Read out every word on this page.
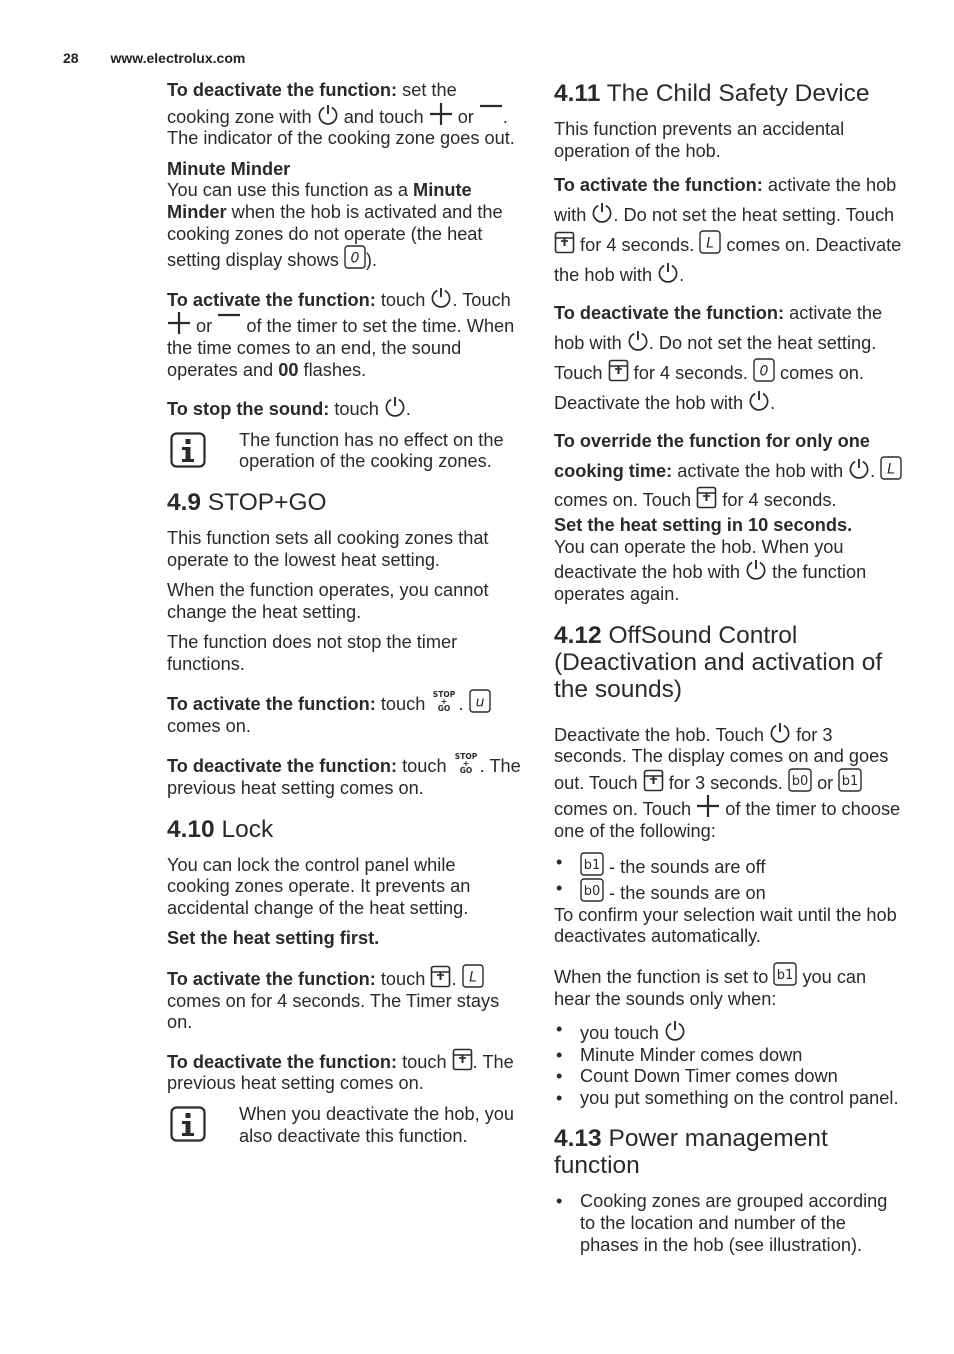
28 www.electrolux.com

To deactivate the function: set the cooking zone with  and touch  or . The indicator of the cooking zone goes out.

Minute Minder
You can use this function as a Minute Minder when the hob is activated and the cooking zones do not operate (the heat setting display shows 0 ).

To activate the function: touch . Touch  or  of the timer to set the time. When the time comes to an end, the sound operates and 00 flashes.

To stop the sound: touch .

The function has no effect on the operation of the cooking zones.

4.9 STOP+GO

This function sets all cooking zones that operate to the lowest heat setting.

When the function operates, you cannot change the heat setting.

The function does not stop the timer functions.

To activate the function: touch STOP
+
GO . u

comes on.

To deactivate the function: touch STOP
+
GO . The previous heat setting comes on.

4.10 Lock

You can lock the control panel while cooking zones operate. It prevents an accidental change of the heat setting.

Set the heat setting first.

To activate the function: touch . L
comes on for 4 seconds. The Timer stays on.

To deactivate the function: touch . The previous heat setting comes on.

When you deactivate the hob, you also deactivate this function.

4.11 The Child Safety Device

This function prevents an accidental operation of the hob.

To activate the function: activate the hob with . Do not set the heat setting. Touch  for 4 seconds. L comes on. Deactivate the hob with .

To deactivate the function: activate the hob with . Do not set the heat setting. Touch  for 4 seconds. 0 comes on. Deactivate the hob with .

To override the function for only one cooking time: activate the hob with . L
comes on. Touch  for 4 seconds.
Set the heat setting in 10 seconds.
You can operate the hob. When you deactivate the hob with  the function operates again.

4.12 OffSound Control (Deactivation and activation of the sounds)

Deactivate the hob. Touch  for 3 seconds. The display comes on and goes out. Touch  for 3 seconds. b0 or b1
comes on. Touch  of the timer to choose one of the following:

• b1 - the sounds are off
• b0 - the sounds are on

To confirm your selection wait until the hob deactivates automatically.

When the function is set to b1 you can hear the sounds only when:

• you touch
• Minute Minder comes down
• Count Down Timer comes down
• you put something on the control panel.
4.13 Power management function
• Cooking zones are grouped according to the location and number of the phases in the hob (see illustration).
